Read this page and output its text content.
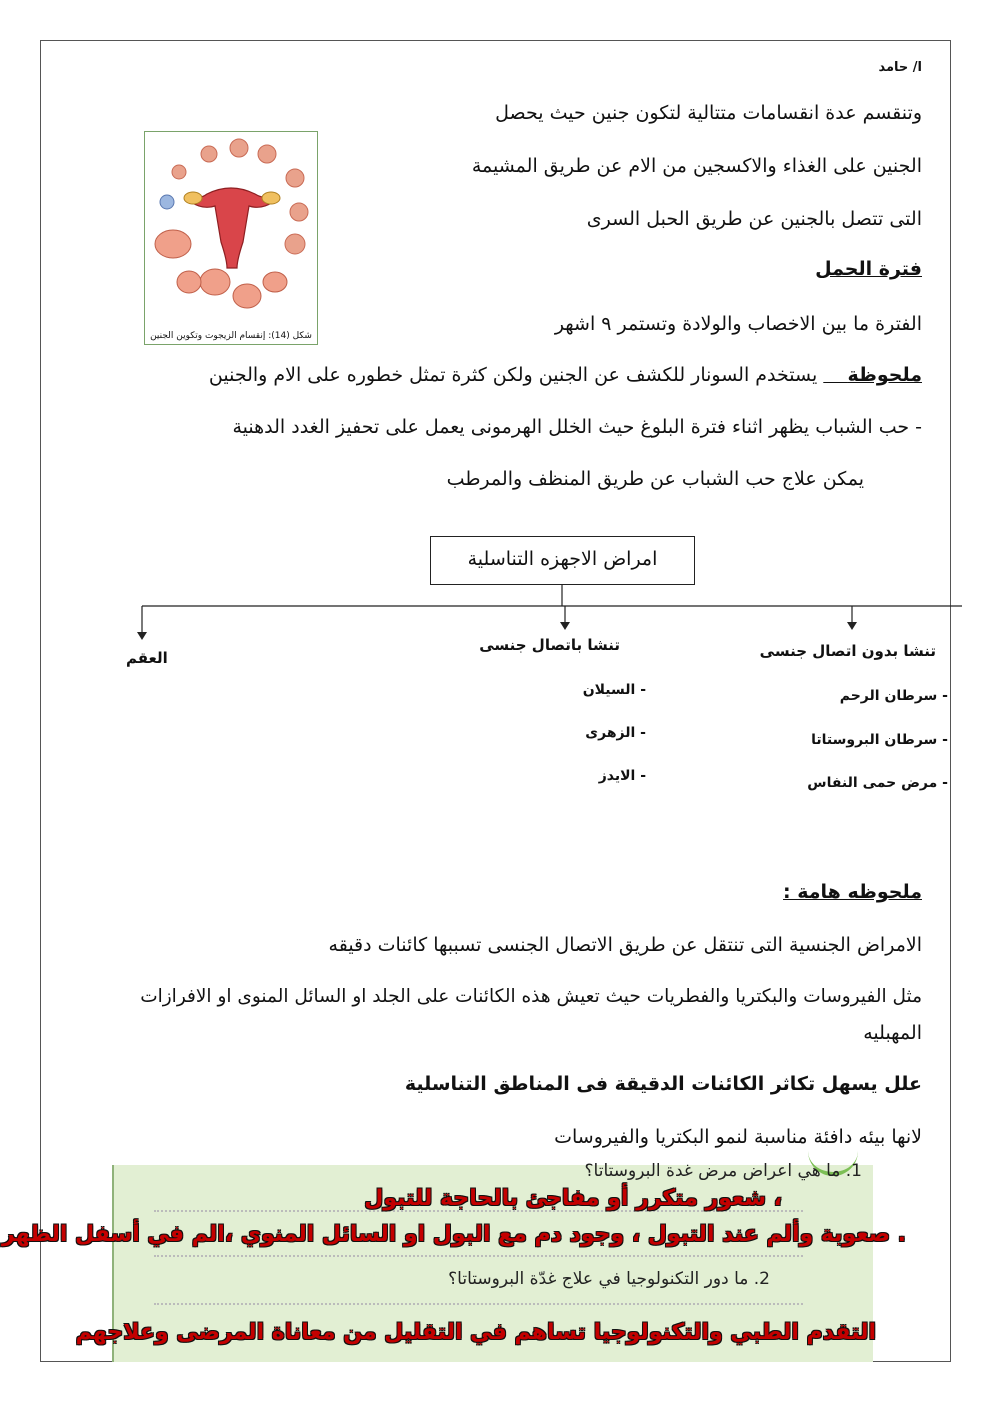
ا/ حامد
وتنقسم عدة انقسامات متتالية لتكون جنين حيث يحصل
الجنين على الغذاء والاكسجين من الام عن طريق المشيمة
التى تتصل بالجنين عن طريق الحبل السرى
شكل (14): إنقسام الزيجوت وتكوين الجنين
فترة الحمل
الفترة ما بين الاخصاب والولادة وتستمر ٩ اشهر
ملحوظة     يستخدم السونار للكشف عن الجنين ولكن كثرة تمثل خطوره على الام والجنين
- حب الشباب يظهر اثناء فترة البلوغ حيث الخلل الهرمونى يعمل على تحفيز الغدد الدهنية
يمكن علاج حب الشباب عن طريق المنظف والمرطب
امراض الاجهزه التناسلية
تنشا بدون اتصال جنسى
تنشا باتصال جنسى
العقم
- سرطان الرحم
- سرطان البروستاتا
- مرض حمى النفاس
- السيلان
- الزهرى
- الايدز
ملحوظه هامة :
الامراض الجنسية التى تنتقل عن طريق الاتصال الجنسى تسببها كائنات دقيقه
مثل الفيروسات والبكتريا والفطريات حيث تعيش هذه الكائنات على الجلد او السائل المنوى او الافرازات
المهبليه
علل يسهل تكاثر الكائنات الدقيقة فى المناطق التناسلية
لانها بيئه دافئة مناسبة لنمو البكتريا والفيروسات
1. ما هي اعراض مرض غدة البروستاتا؟
، شعور متكرر أو مفاجئ بالحاجة للتبول
. صعوبة وألم عند التبول ، وجود دم مع البول او السائل المنوي ،الم في أسفل الظهر
2. ما دور التكنولوجيا في علاج غدّة البروستاتا؟
التقدم الطبي والتكنولوجيا تساهم في التقليل من معاناة المرضى وعلاجهم
